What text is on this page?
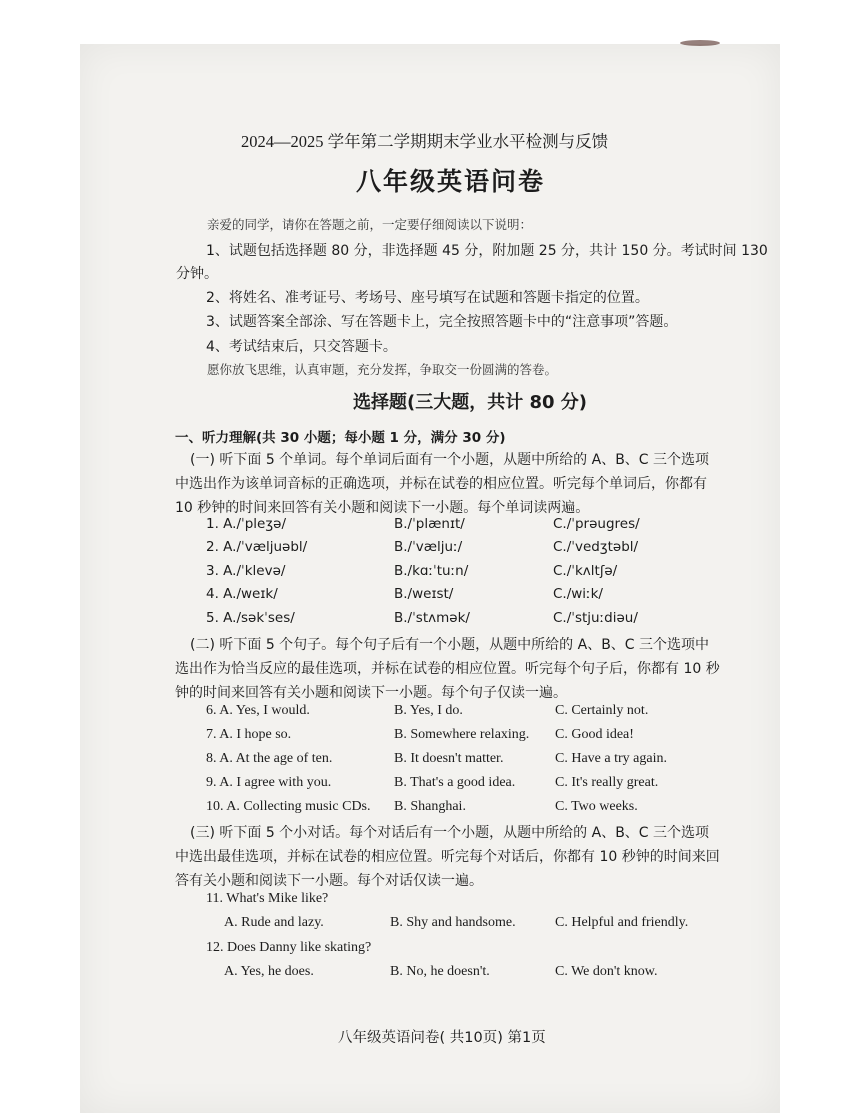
2024—2025 学年第二学期期末学业水平检测与反馈
八年级英语问卷
亲爱的同学，请你在答题之前，一定要仔细阅读以下说明：
1、试题包括选择题 80 分，非选择题 45 分，附加题 25 分，共计 150 分。考试时间 130
分钟。
2、将姓名、准考证号、考场号、座号填写在试题和答题卡指定的位置。
3、试题答案全部涂、写在答题卡上，完全按照答题卡中的“注意事项”答题。
4、考试结束后，只交答题卡。
愿你放飞思维，认真审题，充分发挥，争取交一份圆满的答卷。
选择题(三大题，共计 80 分)
一、听力理解(共 30 小题；每小题 1 分，满分 30 分)
(一) 听下面 5 个单词。每个单词后面有一个小题，从题中所给的 A、B、C 三个选项
中选出作为该单词音标的正确选项，并标在试卷的相应位置。听完每个单词后，你都有
10 秒钟的时间来回答有关小题和阅读下一小题。每个单词读两遍。
1. A./ˈpleʒə/	B./ˈplænɪt/	C./ˈprəugres/
2. A./ˈvæljuəbl/	B./ˈvæljuː/	C./ˈvedʒtəbl/
3. A./ˈklevə/	B./kɑːˈtuːn/	C./ˈkʌltʃə/
4. A./weɪk/	B./weɪst/	C./wiːk/
5. A./səkˈses/	B./ˈstʌmək/	C./ˈstjuːdiəu/
(二) 听下面 5 个句子。每个句子后有一个小题，从题中所给的 A、B、C 三个选项中
选出作为恰当反应的最佳选项，并标在试卷的相应位置。听完每个句子后，你都有 10 秒
钟的时间来回答有关小题和阅读下一小题。每个句子仅读一遍。
6. A. Yes, I would.	B. Yes, I do.	C. Certainly not.
7. A. I hope so.	B. Somewhere relaxing. C. Good idea!
8. A. At the age of ten.	B. It doesn't matter.	C. Have a try again.
9. A. I agree with you.	B. That's a good idea.	C. It's really great.
10. A. Collecting music CDs. B. Shanghai.	C. Two weeks.
(三) 听下面 5 个小对话。每个对话后有一个小题，从题中所给的 A、B、C 三个选项
中选出最佳选项，并标在试卷的相应位置。听完每个对话后，你都有 10 秒钟的时间来回
答有关小题和阅读下一小题。每个对话仅读一遍。
11. What's Mike like?
A. Rude and lazy.	B. Shy and handsome.	C. Helpful and friendly.
12. Does Danny like skating?
A. Yes, he does.	B. No, he doesn't.	C. We don't know.
八年级英语问卷( 共10页) 第1页
